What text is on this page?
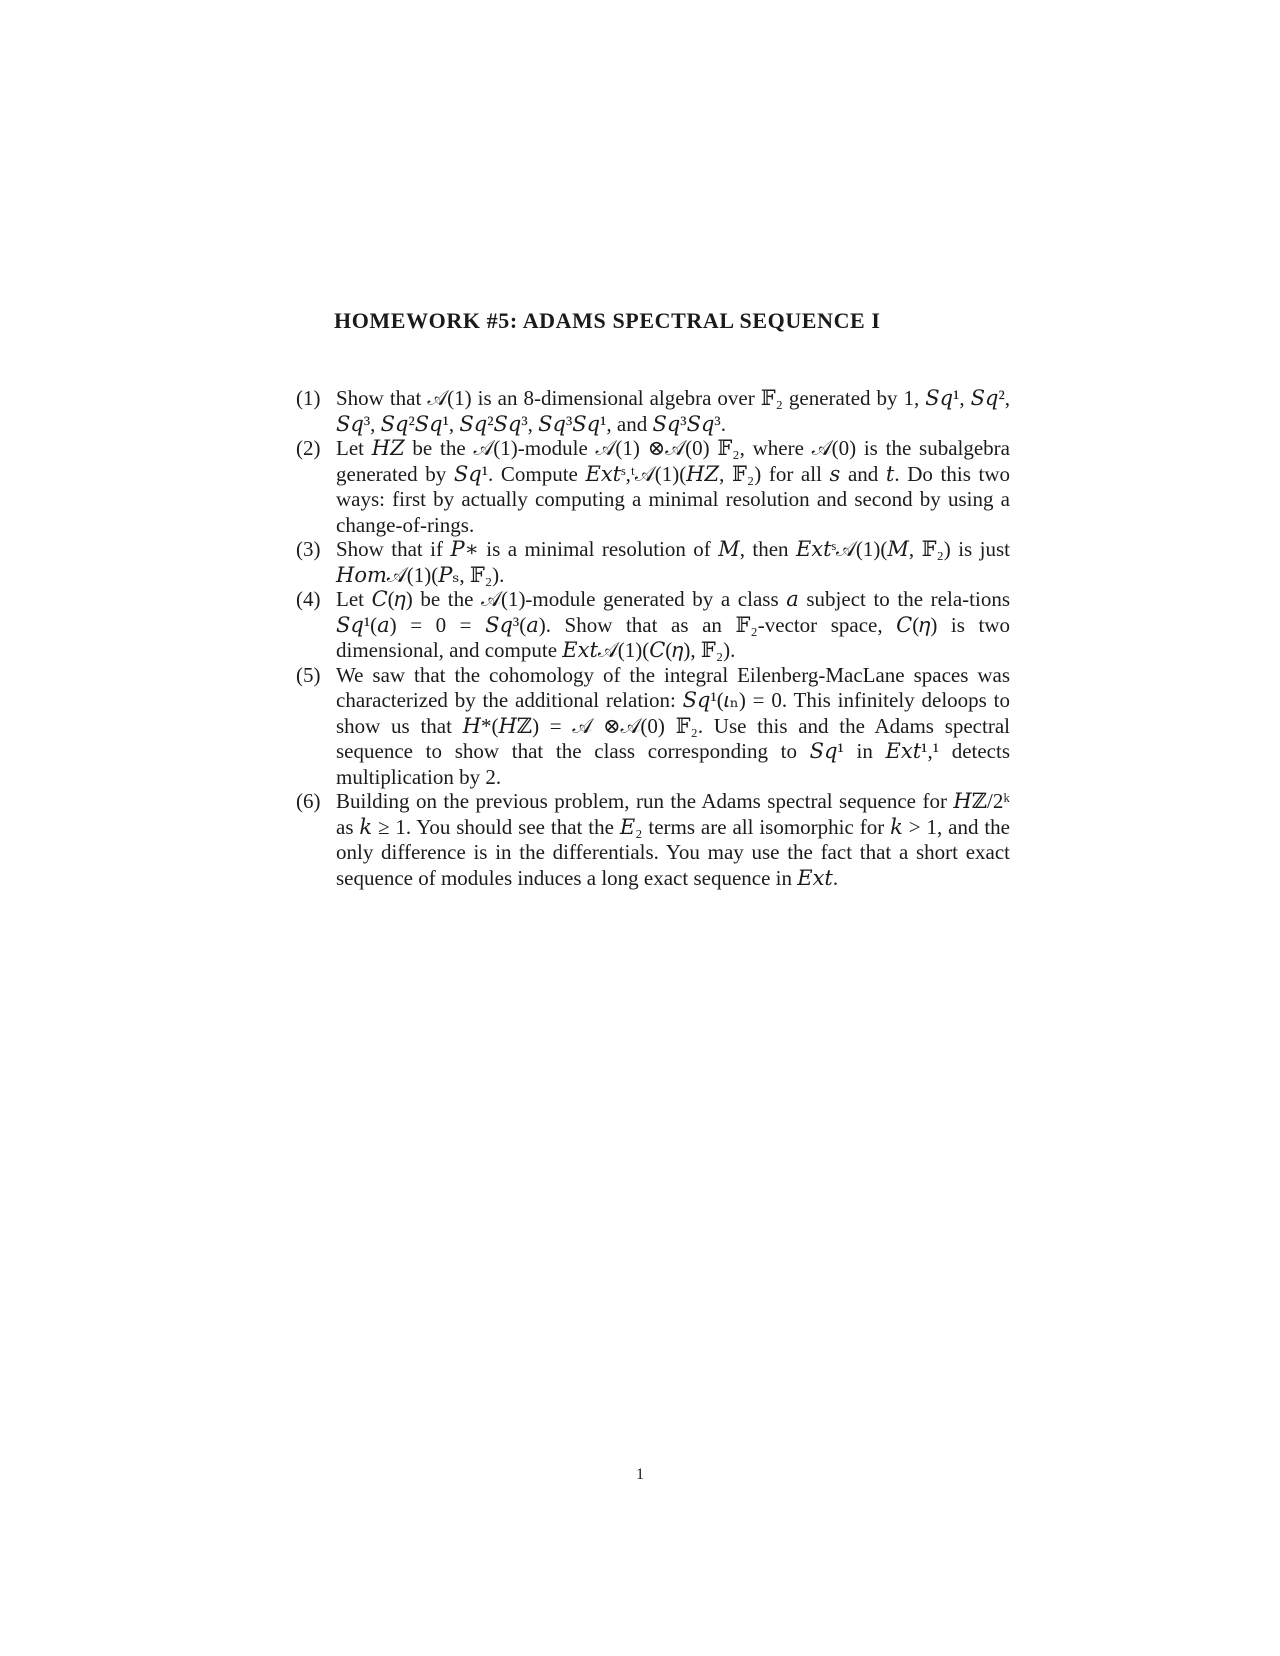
HOMEWORK #5: ADAMS SPECTRAL SEQUENCE I
(1) Show that 𝒜(1) is an 8-dimensional algebra over 𝔽₂ generated by 1, 𝑆𝑞¹, 𝑆𝑞², 𝑆𝑞³, 𝑆𝑞²𝑆𝑞¹, 𝑆𝑞²𝑆𝑞³, 𝑆𝑞³𝑆𝑞¹, and 𝑆𝑞³𝑆𝑞³.
(2) Let 𝐻𝑍 be the 𝒜(1)-module 𝒜(1) ⊗𝒜(0) 𝔽₂, where 𝒜(0) is the subalgebra generated by 𝑆𝑞¹. Compute 𝐸𝑥𝑡ˢ,ᵗ𝒜(1)(𝐻𝑍, 𝔽₂) for all 𝑠 and 𝑡. Do this two ways: first by actually computing a minimal resolution and second by using a change-of-rings.
(3) Show that if 𝑃∗ is a minimal resolution of 𝑀, then 𝐸𝑥𝑡ˢ𝒜(1)(𝑀, 𝔽₂) is just 𝐻𝑜𝑚𝒜(1)(𝑃ₛ, 𝔽₂).
(4) Let 𝐶(𝜂) be the 𝒜(1)-module generated by a class 𝑎 subject to the rela-tions 𝑆𝑞¹(𝑎) = 0 = 𝑆𝑞³(𝑎). Show that as an 𝔽₂-vector space, 𝐶(𝜂) is two dimensional, and compute 𝐸𝑥𝑡𝒜(1)(𝐶(𝜂), 𝔽₂).
(5) We saw that the cohomology of the integral Eilenberg-MacLane spaces was characterized by the additional relation: 𝑆𝑞¹(𝜄ₙ) = 0. This infinitely deloops to show us that 𝐻*(𝐻ℤ) = 𝒜 ⊗𝒜(0) 𝔽₂. Use this and the Adams spectral sequence to show that the class corresponding to 𝑆𝑞¹ in 𝐸𝑥𝑡¹,¹ detects multiplication by 2.
(6) Building on the previous problem, run the Adams spectral sequence for 𝐻ℤ/2ᵏ as 𝑘 ≥ 1. You should see that the 𝐸₂ terms are all isomorphic for 𝑘 > 1, and the only difference is in the differentials. You may use the fact that a short exact sequence of modules induces a long exact sequence in 𝐸𝑥𝑡.
1
